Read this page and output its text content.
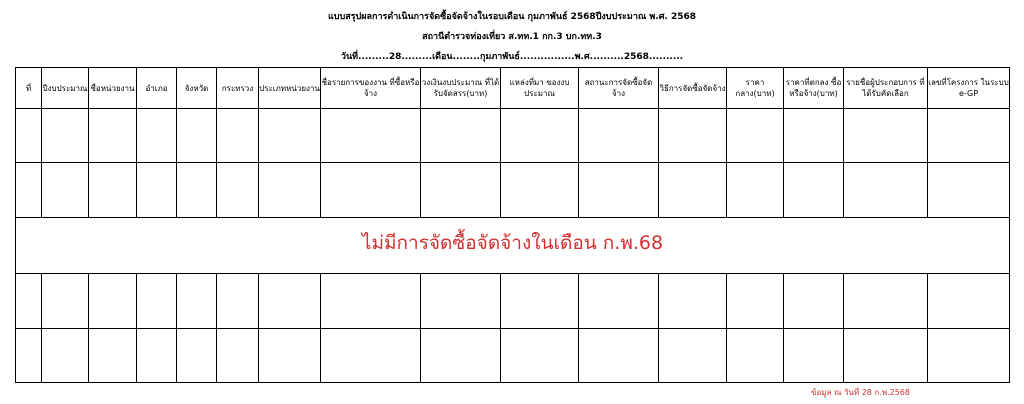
แบบสรุปผลการดำเนินการจัดซื้อจัดจ้างในรอบเดือน กุมภาพันธ์ 2568ปีงบประมาณ พ.ศ. 2568
สถานีตำรวจท่องเที่ยว ส.ทท.1 กก.3 บก.ทท.3
วันที่.........28.........เดือน........กุมภาพันธ์................พ.ศ..........2568..........
ที่	ปีงบประมาณ	ชื่อหน่วยงาน	อำเภอ	จังหวัด	กระทรวง	ประเภทหน่วยงาน	ชื่อรายการของงาน ที่ซื้อหรือจ้าง	วงเงินงบประมาณ ที่ได้รับจัดสรร(บาท)	แหล่งที่มา ของงบประมาณ	สถานะการจัดซื้อจัดจ้าง	วิธีการจัดซื้อจัดจ้าง	ราคากลาง(บาท)	ราคาที่ตกลง ซื้อหรือจ้าง(บาท)	รายชื่อผู้ประกอบการ ที่ได้รับคัดเลือก	เลขที่โครงการ ในระบบ e-GP

ไม่มีการจัดซื้อจัดจ้างในเดือน ก.พ.68															

ข้อมูล ณ วันที่ 28 ก.พ.2568
